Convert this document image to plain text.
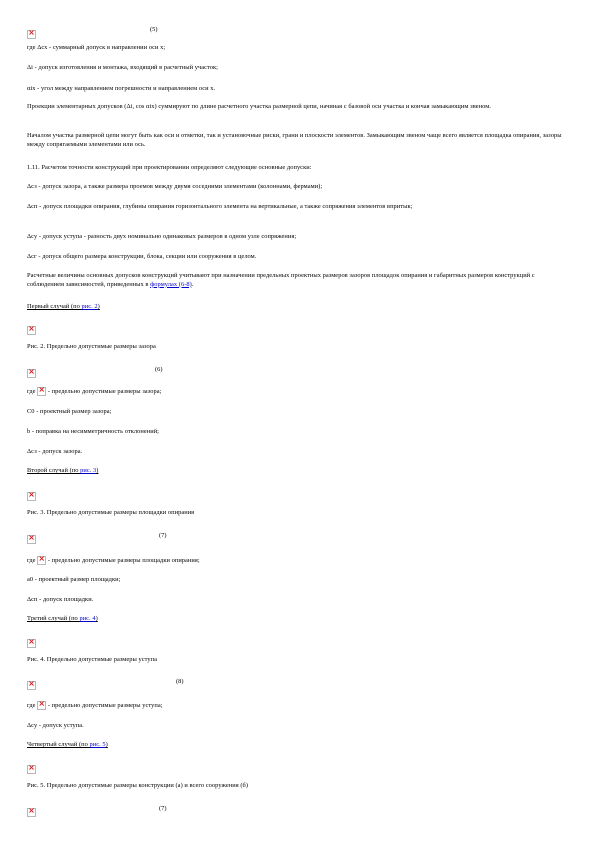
×
(5)
где Δсх - суммарный допуск в направлении оси х;
Δi - допуск изготовления и монтажа, входящий в расчетный участок;
αix - угол между направлением погрешности и направлением оси х.
Проекции элементарных допусков (Δi, cos αix) суммируют по длине расчетного участка размерной цепи, начиная с базовой оси участка и кончая замыкающим звеном.
Началом участка размерной цепи могут быть как оси и отметки, так и установочные риски, грани и плоскости элементов. Замыкающим звеном чаще всего является площадка опирания, зазоры между сопрягаемыми элементами или ось.
1.11. Расчетом точности конструкций при проектировании определяют следующие основные допуски:
Δсз - допуск зазора, а также размера проемов между двумя соседними элементами (колоннами, фермами);
Δсп - допуск площадки опирания, глубины опирания горизонтального элемента на вертикальные, а также сопряжения элементов впритык;
Δсу - допуск уступа - разность двух номинально одинаковых размеров в одном узле сопряжения;
Δсг - допуск общего размера конструкции, блока, секции или сооружения в целом.
Расчетные величины основных допусков конструкций учитывают при назначении предельных проектных размеров зазоров площадок опирания и габаритных размеров конструкций с соблюдением зависимостей, приведенных в формулах (6-8).
Первый случай (по рис. 2)
×
Рис. 2. Предельно допустимые размеры зазора
×
(6)
где × - предельно допустимые размеры зазора;
C0 - проектный размер зазора;
b - поправка на несимметричность отклонений;
Δсз - допуск зазора.
Второй случай (по рис. 3)
×
Рис. 3. Предельно допустимые размеры площадки опирания
×
(7)
где × - предельно допустимые размеры площадки опирания;
а0 - проектный размер площадки;
Δсп - допуск площадки.
Третий случай (по рис. 4)
×
Рис. 4. Предельно допустимые размеры уступа
×
(8)
где × - предельно допустимые размеры уступа;
Δсу - допуск уступа.
Четвертый случай (по рис. 5)
×
Рис. 5. Предельно допустимые размеры конструкции (а) и всего сооружения (б)
×
(7)
